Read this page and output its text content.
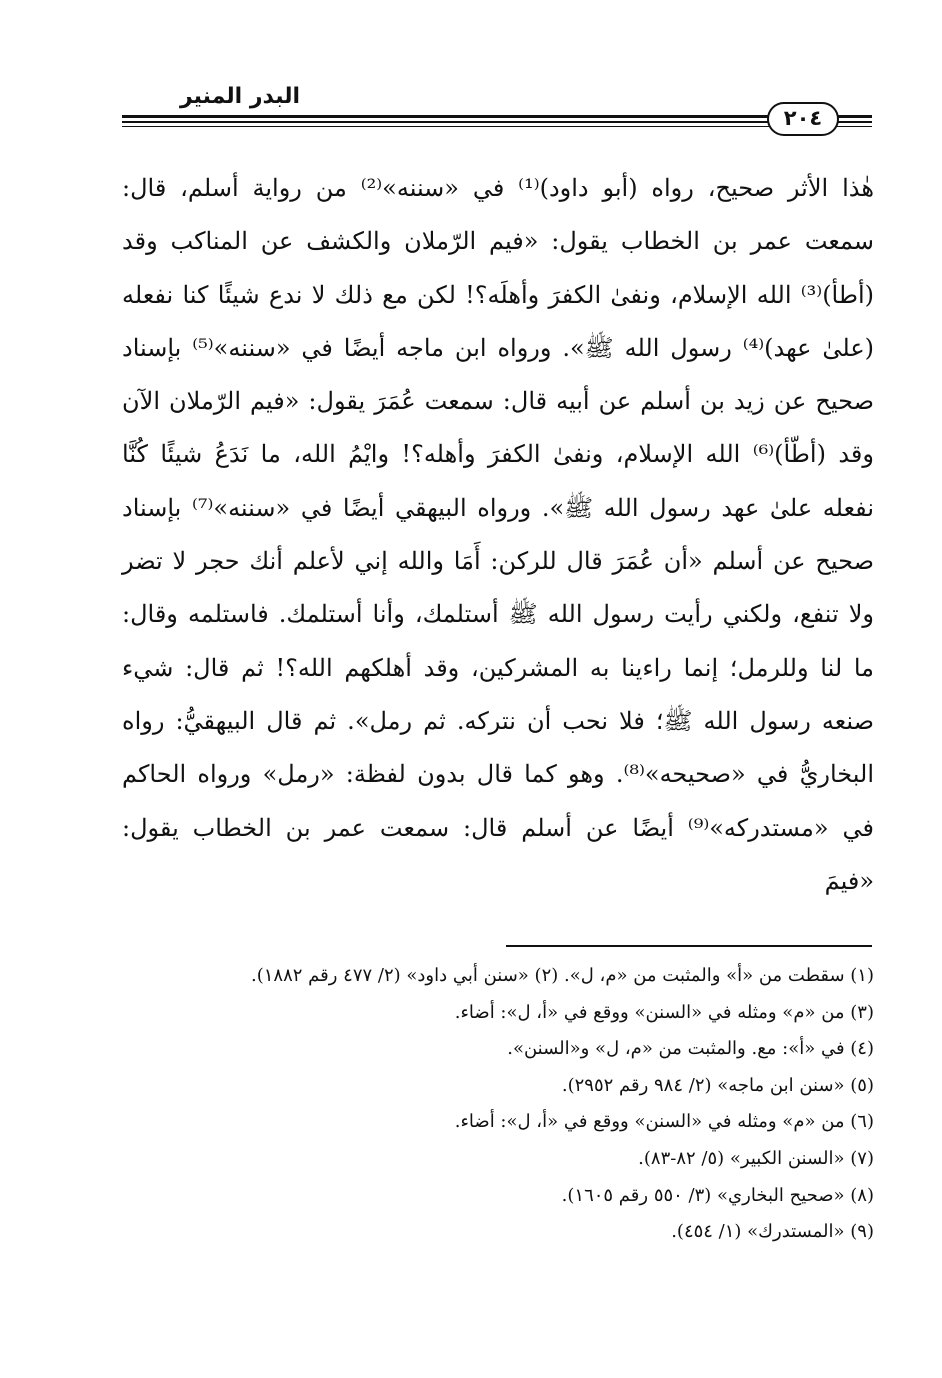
البدر المنير
٢٠٤

هٰذا الأثر صحيح، رواه (أبو داود)⁽¹⁾ في «سننه»⁽²⁾ من رواية أسلم، قال: سمعت عمر بن الخطاب يقول: «فيم الرّملان والكشف عن المناكب وقد (أطأ)⁽³⁾ الله الإسلام، ونفىٰ الكفرَ وأهلَه؟! لكن مع ذلك لا ندع شيئًا كنا نفعله (علىٰ عهد)⁽⁴⁾ رسول الله ﷺ». ورواه ابن ماجه أيضًا في «سننه»⁽⁵⁾ بإسناد صحيح عن زيد بن أسلم عن أبيه قال: سمعت عُمَرَ يقول: «فيم الرّملان الآن وقد (أطّأ)⁽⁶⁾ الله الإسلام، ونفىٰ الكفرَ وأهله؟! وايْمُ الله، ما نَدَعُ شيئًا كُنَّا نفعله علىٰ عهد رسول الله ﷺ». ورواه البيهقي أيضًا في «سننه»⁽⁷⁾ بإسناد صحيح عن أسلم «أن عُمَرَ قال للركن: أَمَا والله إني لأعلم أنك حجر لا تضر ولا تنفع، ولكني رأيت رسول الله ﷺ أستلمك، وأنا أستلمك. فاستلمه وقال: ما لنا وللرمل؛ إنما راءينا به المشركين، وقد أهلكهم الله؟! ثم قال: شيء صنعه رسول الله ﷺ؛ فلا نحب أن نتركه. ثم رمل». ثم قال البيهقيُّ: رواه البخاريُّ في «صحيحه»⁽⁸⁾. وهو كما قال بدون لفظة: «رمل» ورواه الحاكم في «مستدركه»⁽⁹⁾ أيضًا عن أسلم قال: سمعت عمر بن الخطاب يقول: «فيمَ

(١) سقطت من «أ» والمثبت من «م، ل». (٢) «سنن أبي داود» (٢/ ٤٧٧ رقم ١٨٨٢).
(٣) من «م» ومثله في «السنن» ووقع في «أ، ل»: أضاء.
(٤) في «أ»: مع. والمثبت من «م، ل» و«السنن».
(٥) «سنن ابن ماجه» (٢/ ٩٨٤ رقم ٢٩٥٢).
(٦) من «م» ومثله في «السنن» ووقع في «أ، ل»: أضاء.
(٧) «السنن الكبير» (٥/ ٨٢-٨٣).
(٨) «صحيح البخاري» (٣/ ٥٥٠ رقم ١٦٠٥).
(٩) «المستدرك» (١/ ٤٥٤).
